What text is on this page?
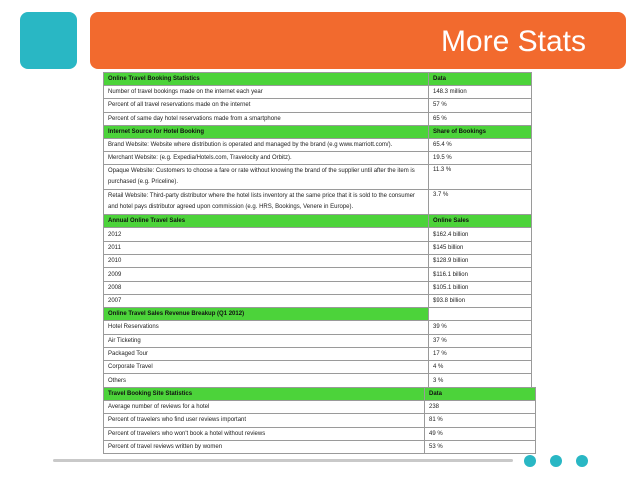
More Stats
Online Travel Booking Statistics	Data
Number of travel bookings made on the internet each year	148.3 million
Percent of all travel reservations made on the internet	57 %
Percent of same day hotel reservations made from a smartphone	65 %
Internet Source for Hotel Booking	Share of Bookings
Brand Website: Website where distribution is operated and managed by the brand (e.g www.marriott.com/).	65.4 %
Merchant Website: (e.g. Expedia/Hotels.com, Travelocity and Orbitz).	19.5 %
Opaque Website: Customers to choose a fare or rate without knowing the brand of the supplier until after the item is purchased (e.g. Priceline).	11.3 %
Retail Website: Third-party distributor where the hotel lists inventory at the same price that it is sold to the consumer and hotel pays distributor agreed upon commission (e.g. HRS, Bookings, Venere in Europe).	3.7 %
Annual Online Travel Sales	Online Sales
2012	$162.4 billion
2011	$145 billion
2010	$128.9 billion
2009	$116.1 billion
2008	$105.1 billion
2007	$93.8 billion
Online Travel Sales Revenue Breakup (Q1 2012)	
Hotel Reservations	39 %
Air Ticketing	37 %
Packaged Tour	17 %
Corporate Travel	4 %
Others	3 %
Travel Booking Site Statistics	Data
Average number of reviews for a hotel	238
Percent of travelers who find user reviews important	81 %
Percent of travelers who won't book a hotel without reviews	49 %
Percent of travel reviews written by women	53 %
